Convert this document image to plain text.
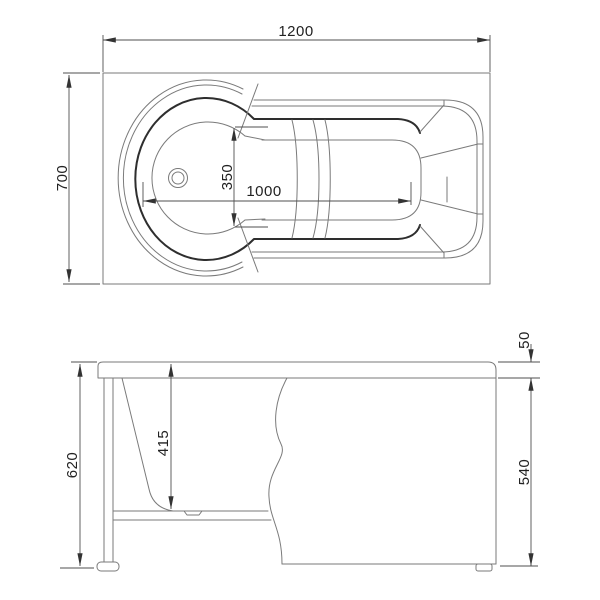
1200
700	350
1000
620
415
50
540
